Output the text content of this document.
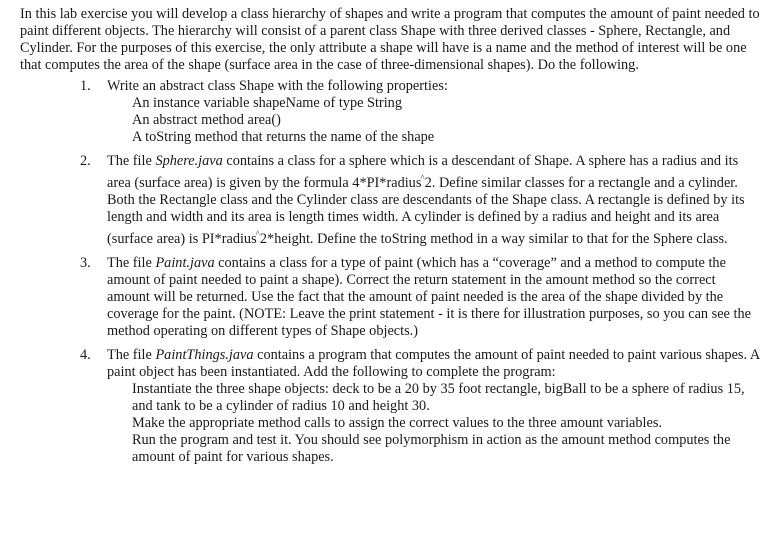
In this lab exercise you will develop a class hierarchy of shapes and write a program that computes the amount of paint needed to paint different objects. The hierarchy will consist of a parent class Shape with three derived classes - Sphere, Rectangle, and Cylinder. For the purposes of this exercise, the only attribute a shape will have is a name and the method of interest will be one that computes the area of the shape (surface area in the case of three-dimensional shapes). Do the following.

1. Write an abstract class Shape with the following properties:

An instance variable shapeName of type String
An abstract method area()
A toString method that returns the name of the shape
2. The file Sphere.java contains a class for a sphere which is a descendant of Shape. A sphere has a radius and its area (surface area) is given by the formula 4*PI*radius^2. Define similar classes for a rectangle and a cylinder. Both the Rectangle class and the Cylinder class are descendants of the Shape class. A rectangle is defined by its length and width and its area is length times width. A cylinder is defined by a radius and height and its area (surface area) is PI*radius^2*height. Define the toString method in a way similar to that for the Sphere class.

3. The file Paint.java contains a class for a type of paint (which has a “coverage” and a method to compute the amount of paint needed to paint a shape). Correct the return statement in the amount method so the correct amount will be returned. Use the fact that the amount of paint needed is the area of the shape divided by the coverage for the paint. (NOTE: Leave the print statement - it is there for illustration purposes, so you can see the method operating on different types of Shape objects.)

4. The file PaintThings.java contains a program that computes the amount of paint needed to paint various shapes. A paint object has been instantiated. Add the following to complete the program:

Instantiate the three shape objects: deck to be a 20 by 35 foot rectangle, bigBall to be a sphere of radius 15, and tank to be a cylinder of radius 10 and height 30.
Make the appropriate method calls to assign the correct values to the three amount variables.
Run the program and test it. You should see polymorphism in action as the amount method computes the amount of paint for various shapes.
